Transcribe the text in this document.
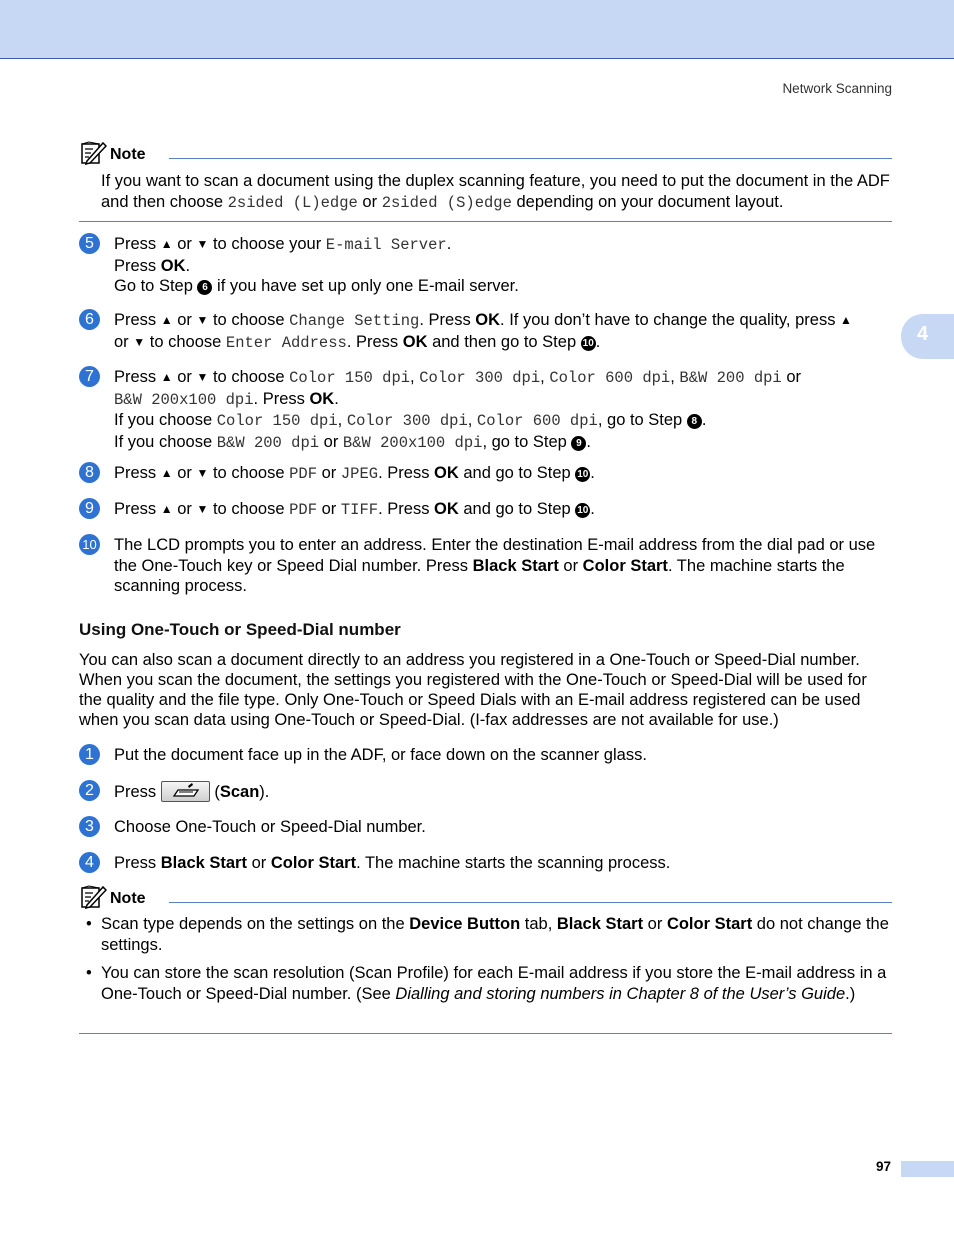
Network Scanning
4
Note
If you want to scan a document using the duplex scanning feature, you need to put the document in the ADF and then choose 2sided (L)edge or 2sided (S)edge depending on your document layout.
5	Press ▲ or ▼ to choose your E-mail Server.
Press OK.
Go to Step 6 if you have set up only one E-mail server.
6	Press ▲ or ▼ to choose Change Setting. Press OK. If you don’t have to change the quality, press ▲
or ▼ to choose Enter Address. Press OK and then go to Step 10 .
7	Press ▲ or ▼ to choose Color 150 dpi, Color 300 dpi, Color 600 dpi, B&W 200 dpi or
B&W 200x100 dpi. Press OK.
If you choose Color 150 dpi, Color 300 dpi, Color 600 dpi, go to Step 8 .
If you choose B&W 200 dpi or B&W 200x100 dpi, go to Step 9 .
8	Press ▲ or ▼ to choose PDF or JPEG. Press OK and go to Step 10 .
9	Press ▲ or ▼ to choose PDF or TIFF. Press OK and go to Step 10 .
10 The LCD prompts you to enter an address. Enter the destination E-mail address from the dial pad or use the One-Touch key or Speed Dial number. Press Black Start or Color Start. The machine starts the scanning process.
Using One-Touch or Speed-Dial number
You can also scan a document directly to an address you registered in a One-Touch or Speed-Dial number. When you scan the document, the settings you registered with the One-Touch or Speed-Dial will be used for the quality and the file type. Only One-Touch or Speed Dials with an E-mail address registered can be used when you scan data using One-Touch or Speed-Dial. (I-fax addresses are not available for use.)
1	Put the document face up in the ADF, or face down on the scanner glass.
2	Press	(Scan).
3	Choose One-Touch or Speed-Dial number.
4	Press Black Start or Color Start. The machine starts the scanning process.
Note
• Scan type depends on the settings on the Device Button tab, Black Start or Color Start do not change the settings.
• You can store the scan resolution (Scan Profile) for each E-mail address if you store the E-mail address in a One-Touch or Speed-Dial number. (See Dialling and storing numbers in Chapter 8 of the User’s Guide.)
97
